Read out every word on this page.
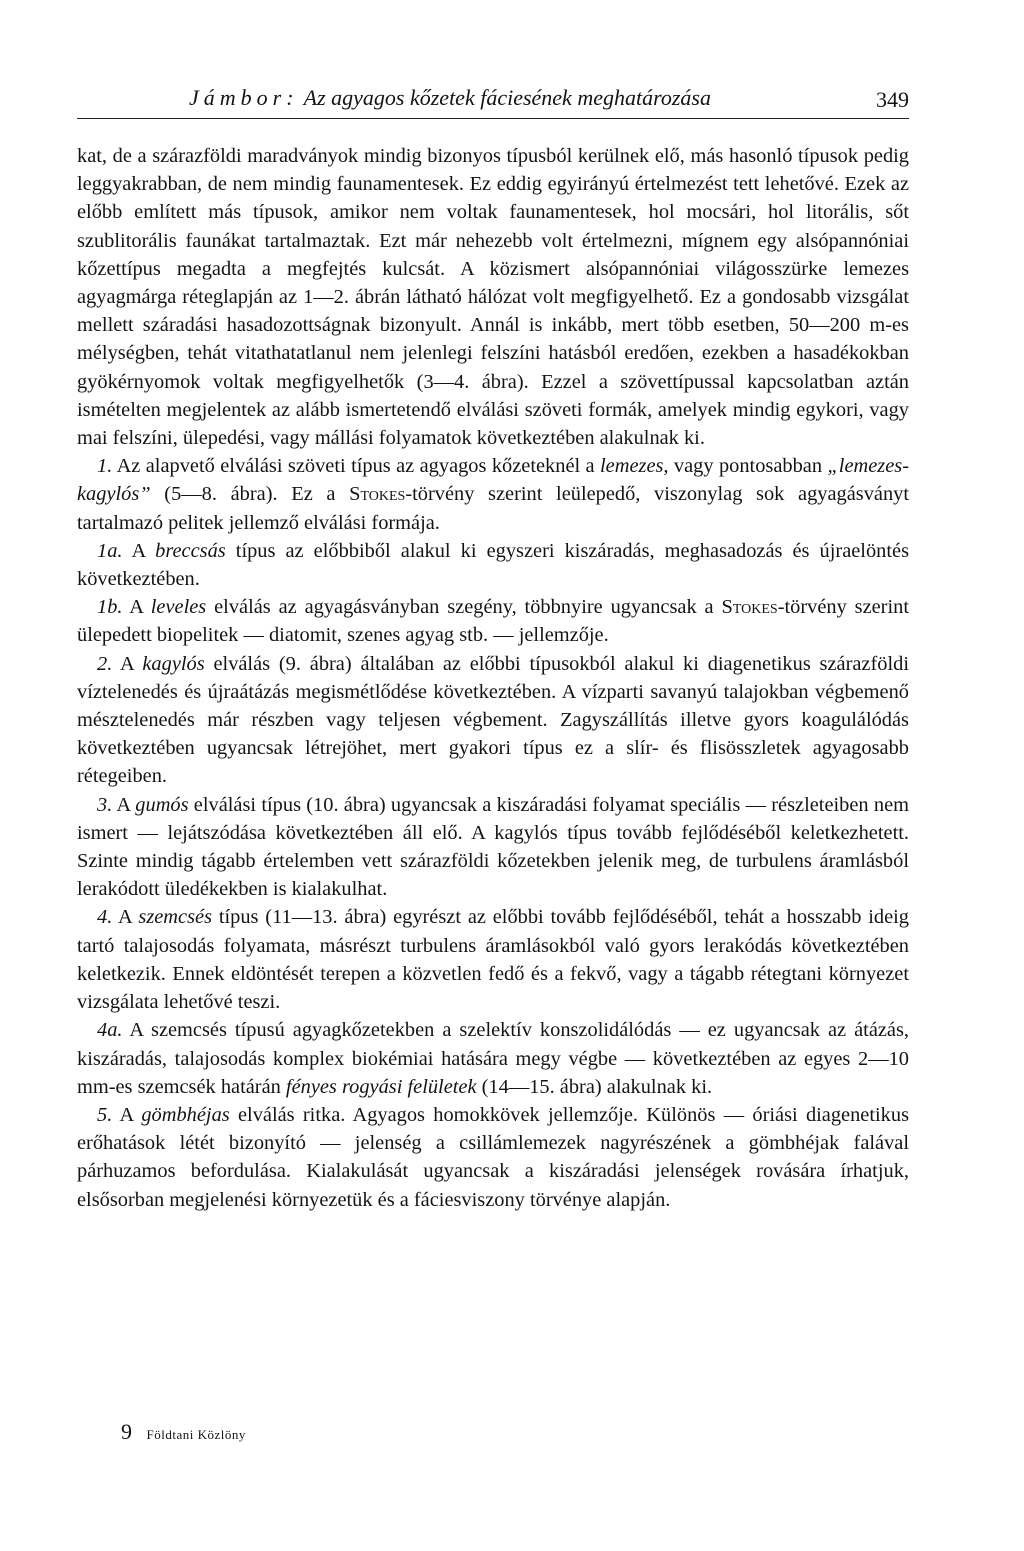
Jámbor: Az agyagos kőzetek fáciesének meghatározása	349

kat, de a szárazföldi maradványok mindig bizonyos típusból kerülnek elő, más hasonló típusok pedig leggyakrabban, de nem mindig faunamentesek. Ez eddig egyirányú értelmezést tett lehetővé. Ezek az előbb említett más típusok, amikor nem voltak faunamentesek, hol mocsári, hol litorális, sőt szublitorális faunákat tartalmaztak. Ezt már nehezebb volt értelmezni, mígnem egy alsópannóniai kőzettípus megadta a megfejtés kulcsát. A közismert alsópannóniai világosszürke lemezes agyagmárga réteglapján az 1—2. ábrán látható hálózat volt megfigyelhető. Ez a gondosabb vizsgálat mellett száradási hasadozottságnak bizonyult. Annál is inkább, mert több esetben, 50—200 m-es mélységben, tehát vitathatatlanul nem jelenlegi felszíni hatásból eredően, ezekben a hasadékokban gyökérnyomok voltak megfigyelhetők (3—4. ábra). Ezzel a szövettípussal kapcsolatban aztán ismételten megjelentek az alább ismertetendő elválási szöveti formák, amelyek mindig egykori, vagy mai felszíni, ülepedési, vagy mállási folyamatok következtében alakulnak ki.

1. Az alapvető elválási szöveti típus az agyagos kőzeteknél a lemezes, vagy pontosabban „lemezes-kagylós” (5—8. ábra). Ez a Stokes-törvény szerint leülepedő, viszonylag sok agyagásványt tartalmazó pelitek jellemző elválási formája.

1a. A breccsás típus az előbbiből alakul ki egyszeri kiszáradás, meghasadozás és újraelöntés következtében.

1b. A leveles elválás az agyagásványban szegény, többnyire ugyancsak a Stokes-törvény szerint ülepedett biopelitek — diatomit, szenes agyag stb. — jellemzője.

2. A kagylós elválás (9. ábra) általában az előbbi típusokból alakul ki diagenetikus szárazföldi víztelenedés és újraátázás megismétlődése következtében. A vízparti savanyú talajokban végbemenő mésztelenedés már részben vagy teljesen végbement. Zagyszállítás illetve gyors koagulálódás következtében ugyancsak létrejöhet, mert gyakori típus ez a slír- és flisösszletek agyagosabb rétegeiben.

3. A gumós elválási típus (10. ábra) ugyancsak a kiszáradási folyamat speciális — részleteiben nem ismert — lejátszódása következtében áll elő. A kagylós típus tovább fejlődéséből keletkezhetett. Szinte mindig tágabb értelemben vett szárazföldi kőzetekben jelenik meg, de turbulens áramlásból lerakódott üledékekben is kialakulhat.

4. A szemcsés típus (11—13. ábra) egyrészt az előbbi tovább fejlődéséből, tehát a hosszabb ideig tartó talajosodás folyamata, másrészt turbulens áramlásokból való gyors lerakódás következtében keletkezik. Ennek eldöntését terepen a közvetlen fedő és a fekvő, vagy a tágabb rétegtani környezet vizsgálata lehetővé teszi.

4a. A szemcsés típusú agyagkőzetekben a szelektív konszolidálódás — ez ugyancsak az átázás, kiszáradás, talajosodás komplex biokémiai hatására megy végbe — következtében az egyes 2—10 mm-es szemcsék határán fényes rogyási felületek (14—15. ábra) alakulnak ki.

5. A gömbhéjas elválás ritka. Agyagos homokkövek jellemzője. Különös — óriási diagenetikus erőhatások létét bizonyító — jelenség a csillámlemezek nagyrészének a gömbhéjak falával párhuzamos befordulása. Kialakulását ugyancsak a kiszáradási jelenségek rovására írhatjuk, elsősorban megjelenési környezetük és a fáciesviszony törvénye alapján.

9 Földtani Közlöny
